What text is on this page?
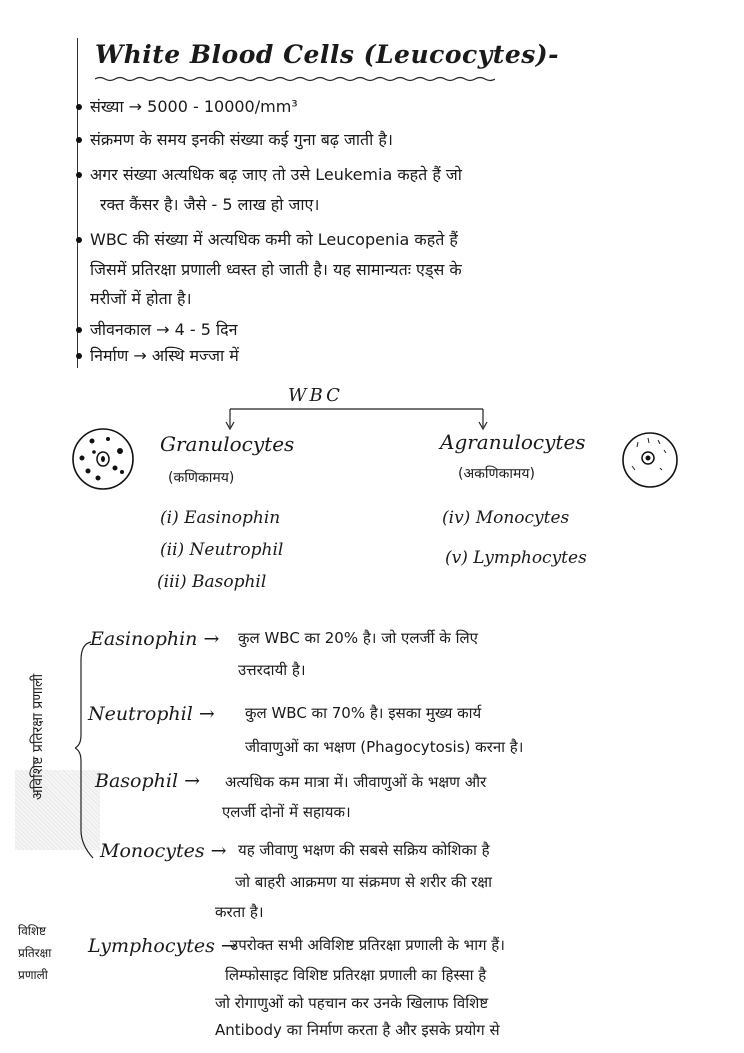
White Blood Cells (Leucocytes)-
संख्या → 5000 - 10000/mm³
संक्रमण के समय इनकी संख्या कई गुना बढ़ जाती है।
अगर संख्या अत्यधिक बढ़ जाए तो उसे Leukemia कहते हैं जो
रक्त कैंसर है। जैसे - 5 लाख हो जाए।
WBC की संख्या में अत्यधिक कमी को Leucopenia कहते हैं
जिसमें प्रतिरक्षा प्रणाली ध्वस्त हो जाती है। यह सामान्यतः एड्स के
मरीजों में होता है।
जीवनकाल → 4 - 5 दिन
निर्माण → अस्थि मज्जा में
WBC
Granulocytes
(कणिकामय)
(i) Easinophin
(ii) Neutrophil
(iii) Basophil
Agranulocytes
(अकणिकामय)
(iv) Monocytes
(v) Lymphocytes
अविशिष्ट प्रतिरक्षा प्रणाली
विशिष्ट
प्रतिरक्षा
प्रणाली
Easinophin → कुल WBC का 20% है। जो एलर्जी के लिए
उत्तरदायी है।
Neutrophil → कुल WBC का 70% है। इसका मुख्य कार्य
जीवाणुओं का भक्षण (Phagocytosis) करना है।
Basophil → अत्यधिक कम मात्रा में। जीवाणुओं के भक्षण और
एलर्जी दोनों में सहायक।
Monocytes → यह जीवाणु भक्षण की सबसे सक्रिय कोशिका है
जो बाहरी आक्रमण या संक्रमण से शरीर की रक्षा
करता है।
Lymphocytes →
उपरोक्त सभी अविशिष्ट प्रतिरक्षा प्रणाली के भाग हैं।
लिम्फोसाइट विशिष्ट प्रतिरक्षा प्रणाली का हिस्सा है
जो रोगाणुओं को पहचान कर उनके खिलाफ विशिष्ट
Antibody का निर्माण करता है और इसके प्रयोग से
